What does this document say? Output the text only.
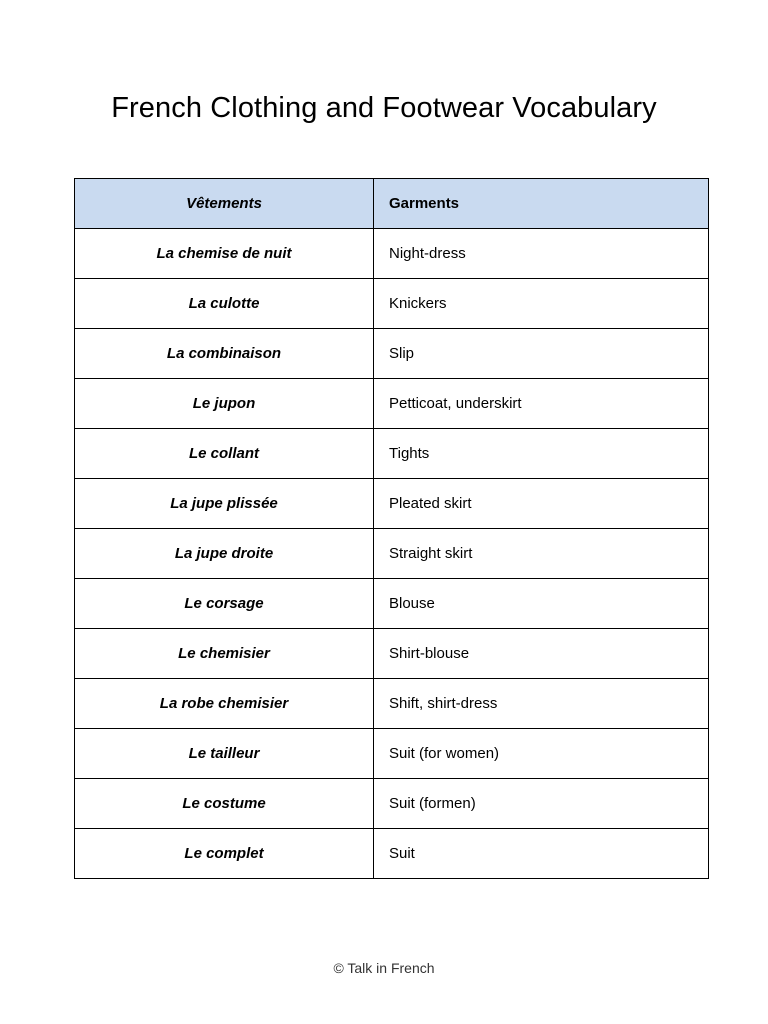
French Clothing and Footwear Vocabulary
Vêtements	Garments
La chemise de nuit	Night-dress
La culotte	Knickers
La combinaison	Slip
Le jupon	Petticoat, underskirt
Le collant	Tights
La jupe plissée	Pleated skirt
La jupe droite	Straight skirt
Le corsage	Blouse
Le chemisier	Shirt-blouse
La robe chemisier	Shift, shirt-dress
Le tailleur	Suit (for women)
Le costume	Suit (formen)
Le complet	Suit
© Talk in French
